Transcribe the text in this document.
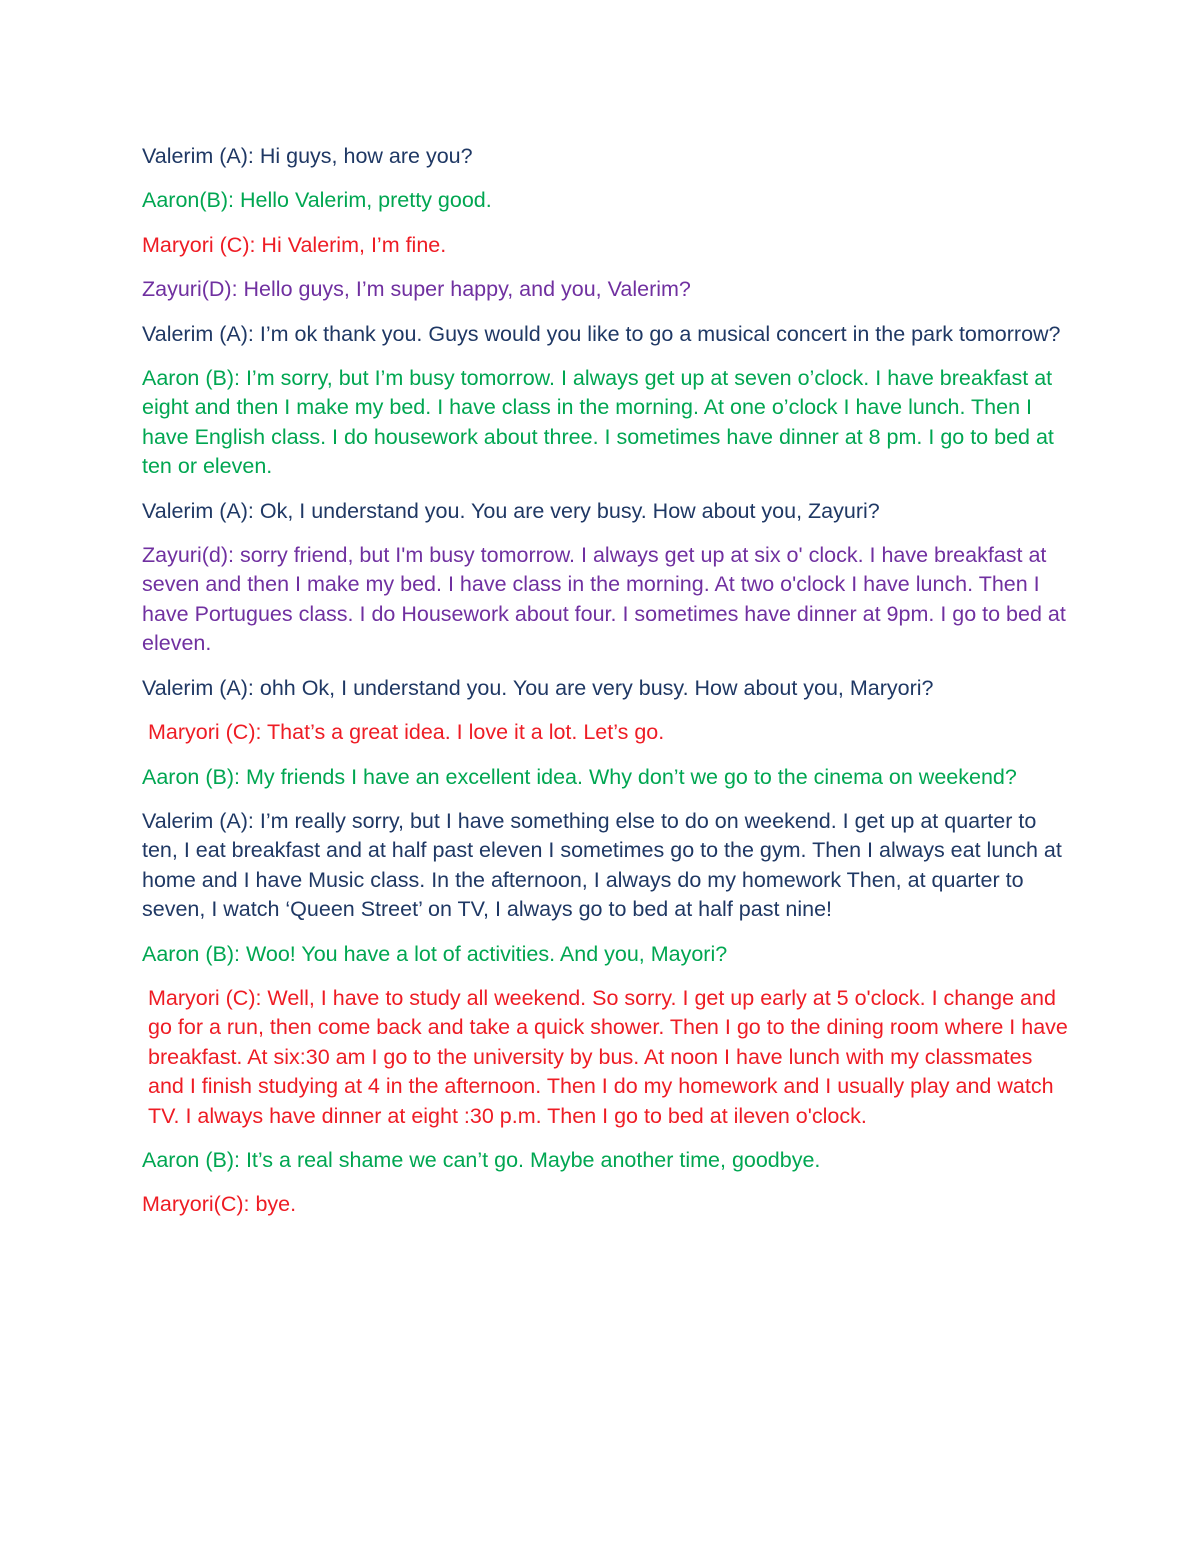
Valerim (A): Hi guys, how are you?

Aaron(B): Hello Valerim, pretty good.

Maryori (C): Hi Valerim, I’m fine.

Zayuri(D): Hello guys, I’m super happy, and you, Valerim?

Valerim (A): I’m ok thank you. Guys would you like to go a musical concert in the park tomorrow?

Aaron (B): I’m sorry, but I’m busy tomorrow. I always get up at seven o’clock. I have breakfast at eight and then I make my bed. I have class in the morning. At one o’clock I have lunch. Then I have English class. I do housework about three. I sometimes have dinner at 8 pm. I go to bed at ten or eleven.

Valerim (A): Ok, I understand you. You are very busy. How about you, Zayuri?

Zayuri(d): sorry friend, but I'm busy tomorrow. I always get up at six o' clock. I have breakfast at seven and then I make my bed. I have class in the morning. At two o'clock I have lunch. Then I have Portugues class. I do Housework about four. I sometimes have dinner at 9pm. I go to bed at eleven.

Valerim (A): ohh Ok, I understand you. You are very busy. How about you, Maryori?

Maryori (C): That’s a great idea. I love it a lot. Let’s go.

Aaron (B): My friends I have an excellent idea. Why don’t we go to the cinema on weekend?

Valerim (A): I’m really sorry, but I have something else to do on weekend. I get up at quarter to ten, I eat breakfast and at half past eleven I sometimes go to the gym. Then I always eat lunch at home and I have Music class. In the afternoon, I always do my homework Then, at quarter to seven, I watch ‘Queen Street’ on TV, I always go to bed at half past nine!

Aaron (B): Woo! You have a lot of activities. And you, Mayori?

Maryori (C): Well, I have to study all weekend. So sorry. I get up early at 5 o'clock. I change and go for a run, then come back and take a quick shower. Then I go to the dining room where I have breakfast. At six:30 am I go to the university by bus. At noon I have lunch with my classmates and I finish studying at 4 in the afternoon. Then I do my homework and I usually play and watch TV. I always have dinner at eight :30 p.m. Then I go to bed at ileven o'clock.

Aaron (B): It’s a real shame we can’t go. Maybe another time, goodbye.

Maryori(C): bye.
